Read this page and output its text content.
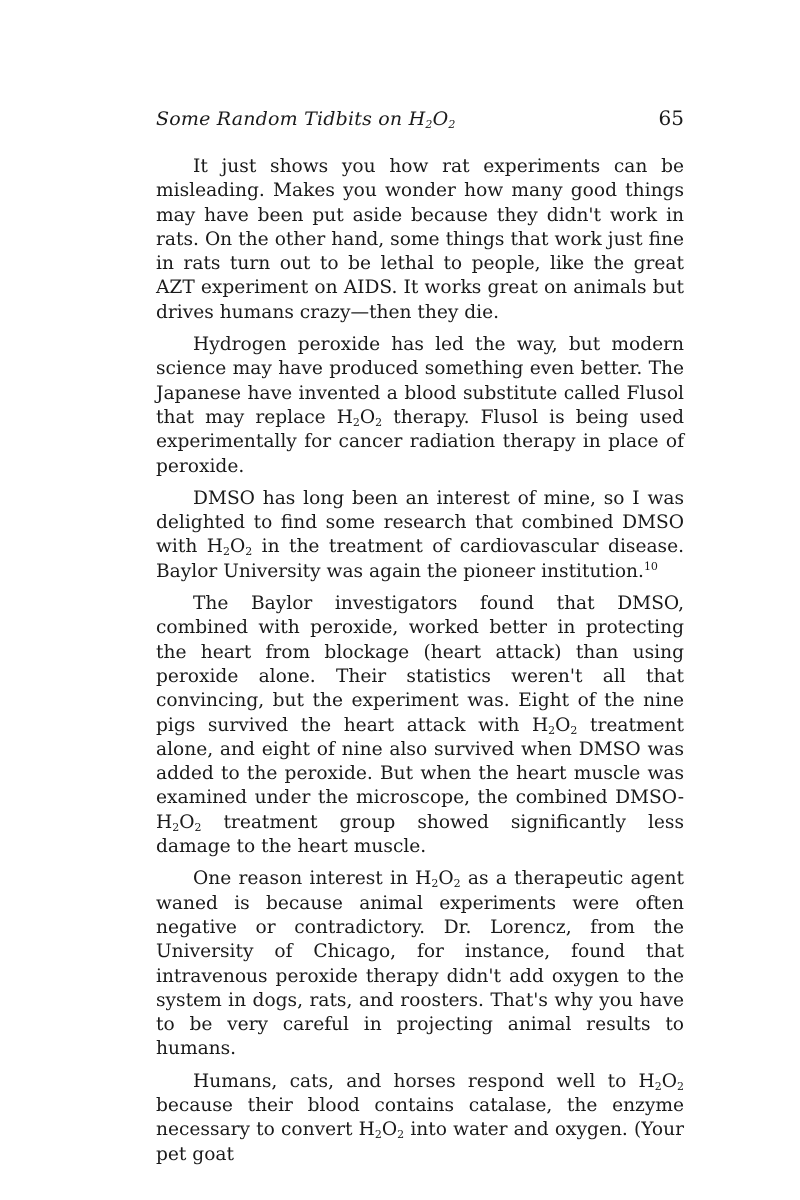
Some Random Tidbits on $H_2O_2$	65

It just shows you how rat experiments can be misleading. Makes you wonder how many good things may have been put aside because they didn't work in rats. On the other hand, some things that work just fine in rats turn out to be lethal to people, like the great AZT experiment on AIDS. It works great on animals but drives humans crazy—then they die.

Hydrogen peroxide has led the way, but modern science may have produced something even better. The Japanese have invented a blood substitute called Flusol that may replace $H_2O_2$ therapy. Flusol is being used experimentally for cancer radiation therapy in place of peroxide.

DMSO has long been an interest of mine, so I was delighted to find some research that combined DMSO with $H_2O_2$ in the treatment of cardiovascular disease. Baylor University was again the pioneer institution.$^{10}$

The Baylor investigators found that DMSO, combined with peroxide, worked better in protecting the heart from blockage (heart attack) than using peroxide alone. Their statistics weren't all that convincing, but the experiment was. Eight of the nine pigs survived the heart attack with $H_2O_2$ treatment alone, and eight of nine also survived when DMSO was added to the peroxide. But when the heart muscle was examined under the microscope, the combined DMSO-$H_2O_2$ treatment group showed significantly less damage to the heart muscle.

One reason interest in $H_2O_2$ as a therapeutic agent waned is because animal experiments were often negative or contradictory. Dr. Lorencz, from the University of Chicago, for instance, found that intravenous peroxide therapy didn't add oxygen to the system in dogs, rats, and roosters. That's why you have to be very careful in projecting animal results to humans.

Humans, cats, and horses respond well to $H_2O_2$ because their blood contains catalase, the enzyme necessary to convert $H_2O_2$ into water and oxygen. (Your pet goat
